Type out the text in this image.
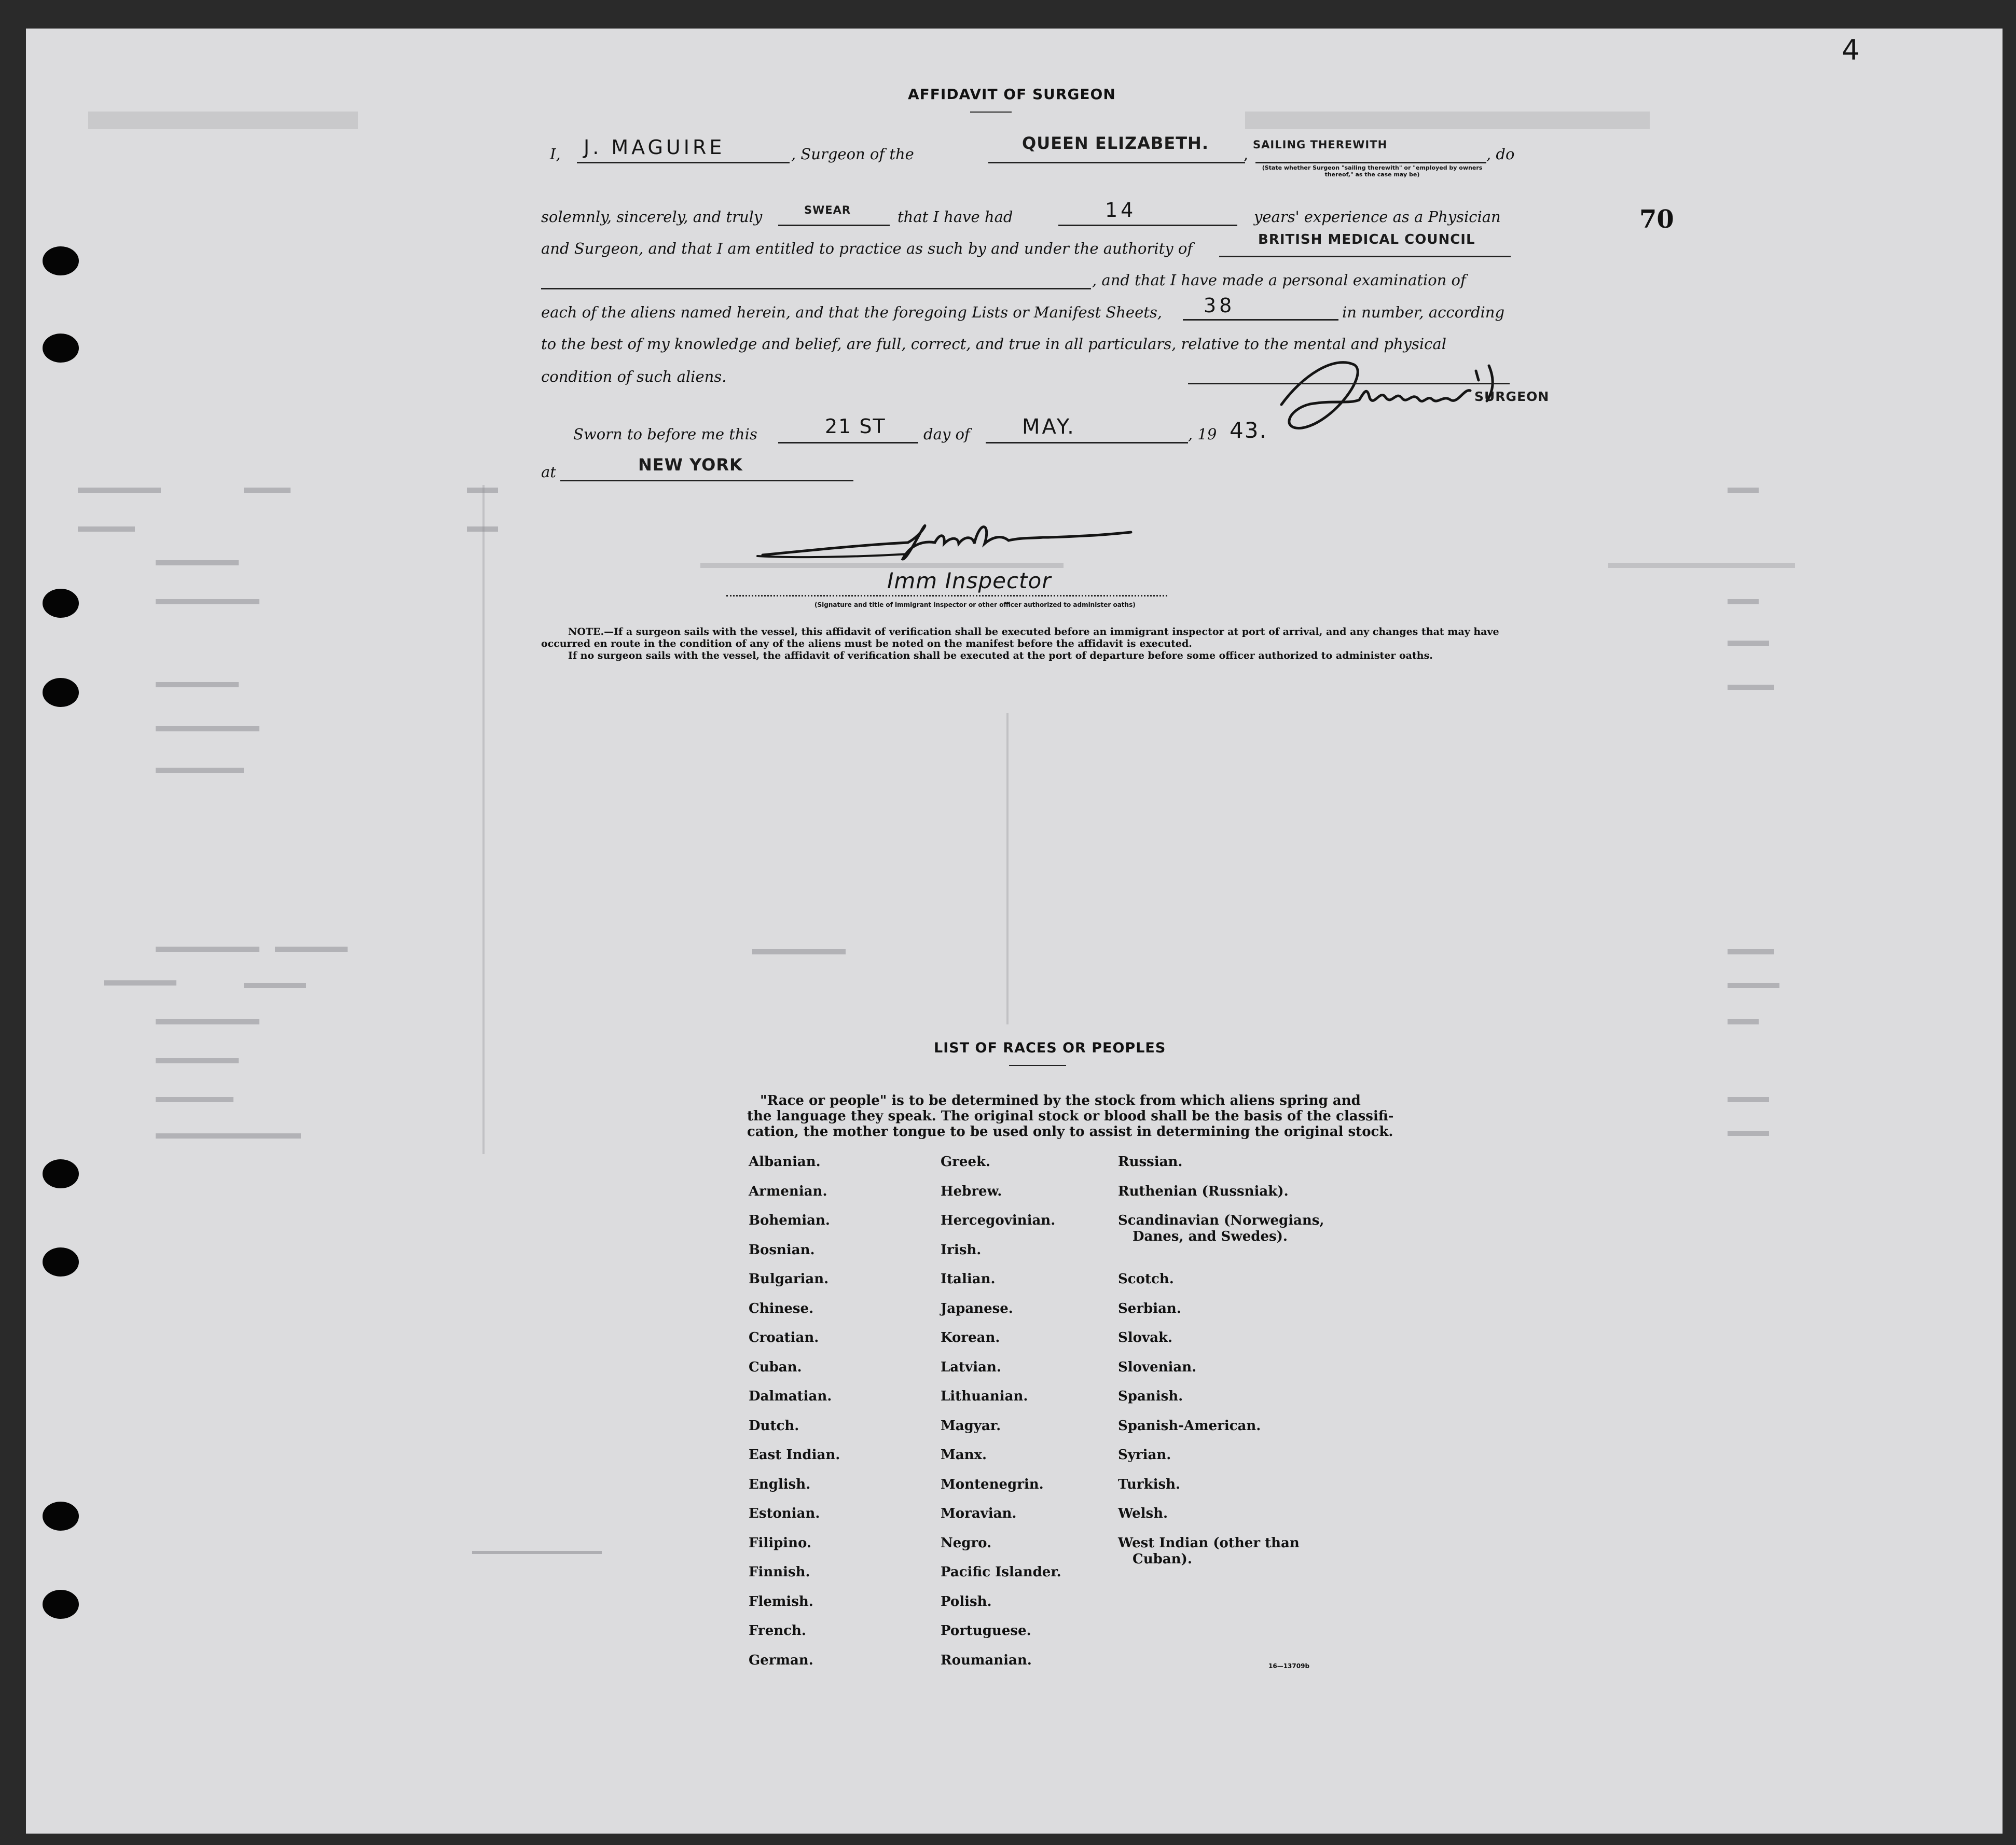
4
70
AFFIDAVIT OF SURGEON
I, J. MAGUIRE	, Surgeon of the
QUEEN ELIZABETH.
,
SAILING THEREWITH
, do
(State whether Surgeon "sailing therewith" or "employed by owners thereof," as the case may be)
solemnly, sincerely, and truly	SWEAR	that I have had	14	years' experience as a Physician
and Surgeon, and that I am entitled to practice as such by and under the authority of	BRITISH MEDICAL COUNCIL
, and that I have made a personal examination of
each of the aliens named herein, and that the foregoing Lists or Manifest Sheets, 38	in number, according
to the best of my knowledge and belief, are full, correct, and true in all particulars, relative to the mental and physical
condition of such aliens.
SURGEON
Sworn to before me this	21 ST day of	MAY.	, 19 43.
at	NEW YORK
Imm Inspector
(Signature and title of immigrant inspector or other officer authorized to administer oaths)
NOTE.—If a surgeon sails with the vessel, this affidavit of verification shall be executed before an immigrant inspector at port of arrival, and any changes that may have
occurred en route in the condition of any of the aliens must be noted on the manifest before the affidavit is executed.
If no surgeon sails with the vessel, the affidavit of verification shall be executed at the port of departure before some officer authorized to administer oaths.
LIST OF RACES OR PEOPLES
"Race or people" is to be determined by the stock from which aliens spring and
the language they speak. The original stock or blood shall be the basis of the classifi-
cation, the mother tongue to be used only to assist in determining the original stock.
Albanian.
Armenian.
Bohemian.
Bosnian.
Bulgarian.
Chinese.
Croatian.
Cuban.
Dalmatian.
Dutch.
East Indian.
English.
Estonian.
Filipino.
Finnish.
Flemish.
French.
German.
Greek.
Hebrew.
Hercegovinian.
Irish.
Italian.
Japanese.
Korean.
Latvian.
Lithuanian.
Magyar.
Manx.
Montenegrin.
Moravian.
Negro.
Pacific Islander.
Polish.
Portuguese.
Roumanian.
Russian.
Ruthenian (Russniak).
Scandinavian (Norwegians,
Danes, and Swedes).
Scotch.
Serbian.
Slovak.
Slovenian.
Spanish.
Spanish-American.
Syrian.
Turkish.
Welsh.
West Indian (other than
Cuban).
16—13709b
